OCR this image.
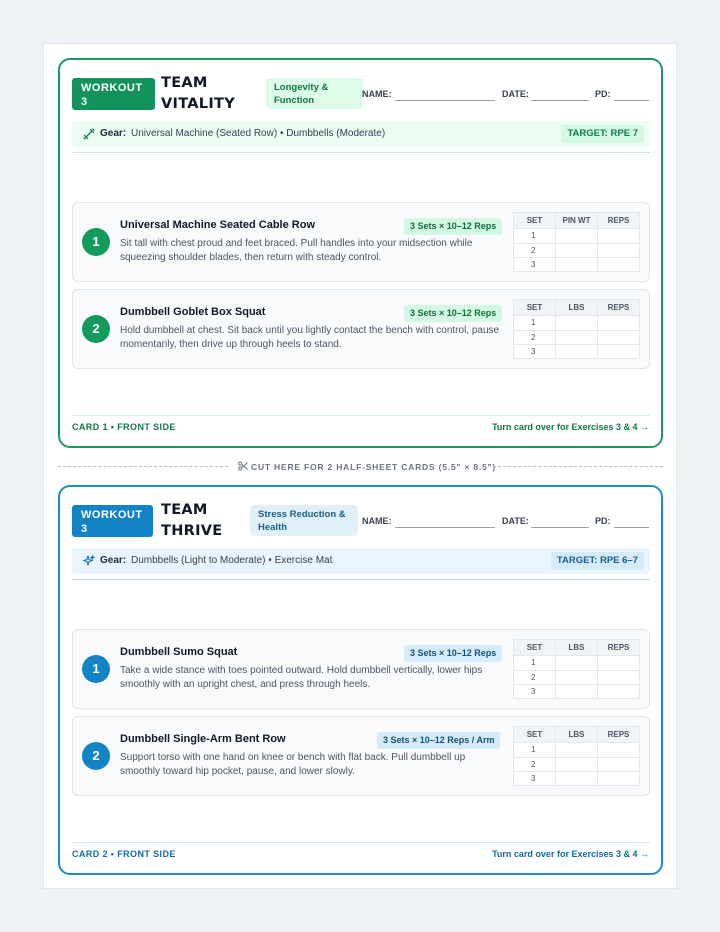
WORKOUT 3
TEAM VITALITY
Longevity & Function
NAME:	DATE:	PD:
Gear: Universal Machine (Seated Row) • Dumbbells (Moderate)	TARGET: RPE 7
1
Universal Machine Seated Cable Row	3 Sets × 10–12 Reps
Sit tall with chest proud and feet braced. Pull handles into your midsection while squeezing shoulder blades, then return with steady control.
SET	PIN WT	REPS
1		
2		
3		
2
Dumbbell Goblet Box Squat	3 Sets × 10–12 Reps
Hold dumbbell at chest. Sit back until you lightly contact the bench with control, pause momentarily, then drive up through heels to stand.
SET	LBS	REPS
1		
2		
3		
CARD 1 • FRONT SIDE	Turn card over for Exercises 3 & 4 →
CUT HERE FOR 2 HALF-SHEET CARDS (5.5" × 8.5")
WORKOUT 3
TEAM THRIVE
Stress Reduction & Health
NAME:	DATE:	PD:
Gear: Dumbbells (Light to Moderate) • Exercise Mat	TARGET: RPE 6–7
1
Dumbbell Sumo Squat	3 Sets × 10–12 Reps
Take a wide stance with toes pointed outward. Hold dumbbell vertically, lower hips smoothly with an upright chest, and press through heels.
SET	LBS	REPS
1		
2		
3		
2
Dumbbell Single-Arm Bent Row	3 Sets × 10–12 Reps / Arm
Support torso with one hand on knee or bench with flat back. Pull dumbbell up smoothly toward hip pocket, pause, and lower slowly.
SET	LBS	REPS
1		
2		
3		
CARD 2 • FRONT SIDE	Turn card over for Exercises 3 & 4 →
